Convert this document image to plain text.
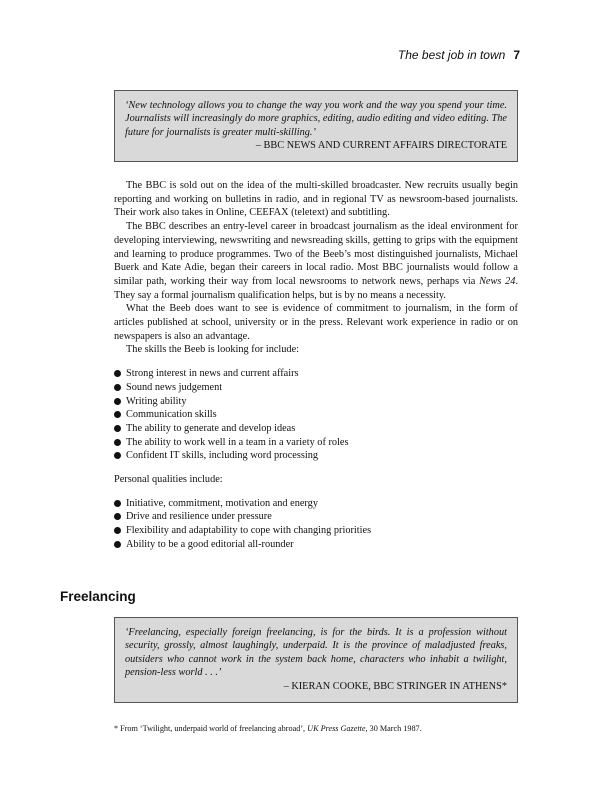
The best job in town 7
‘New technology allows you to change the way you work and the way you spend your time. Journalists will increasingly do more graphics, editing, audio editing and video editing. The future for journalists is greater multi-skilling.’
– BBC NEWS AND CURRENT AFFAIRS DIRECTORATE

The BBC is sold out on the idea of the multi-skilled broadcaster. New recruits usually begin reporting and working on bulletins in radio, and in regional TV as newsroom-based journalists. Their work also takes in Online, CEEFAX (teletext) and subtitling.

The BBC describes an entry-level career in broadcast journalism as the ideal environment for developing interviewing, newswriting and newsreading skills, getting to grips with the equipment and learning to produce programmes. Two of the Beeb’s most distinguished journalists, Michael Buerk and Kate Adie, began their careers in local radio. Most BBC journalists would follow a similar path, working their way from local newsrooms to network news, perhaps via News 24. They say a formal journalism qualification helps, but is by no means a necessity.

What the Beeb does want to see is evidence of commitment to journalism, in the form of articles published at school, university or in the press. Relevant work experience in radio or on newspapers is also an advantage.

The skills the Beeb is looking for include:

Strong interest in news and current affairs
Sound news judgement
Writing ability
Communication skills
The ability to generate and develop ideas
The ability to work well in a team in a variety of roles
Confident IT skills, including word processing

Personal qualities include:

Initiative, commitment, motivation and energy
Drive and resilience under pressure
Flexibility and adaptability to cope with changing priorities
Ability to be a good editorial all-rounder
Freelancing
‘Freelancing, especially foreign freelancing, is for the birds. It is a profession without security, grossly, almost laughingly, underpaid. It is the province of maladjusted freaks, outsiders who cannot work in the system back home, characters who inhabit a twilight, pension-less world . . .’
– KIERAN COOKE, BBC STRINGER IN ATHENS*
* From ‘Twilight, underpaid world of freelancing abroad’, UK Press Gazette, 30 March 1987.
